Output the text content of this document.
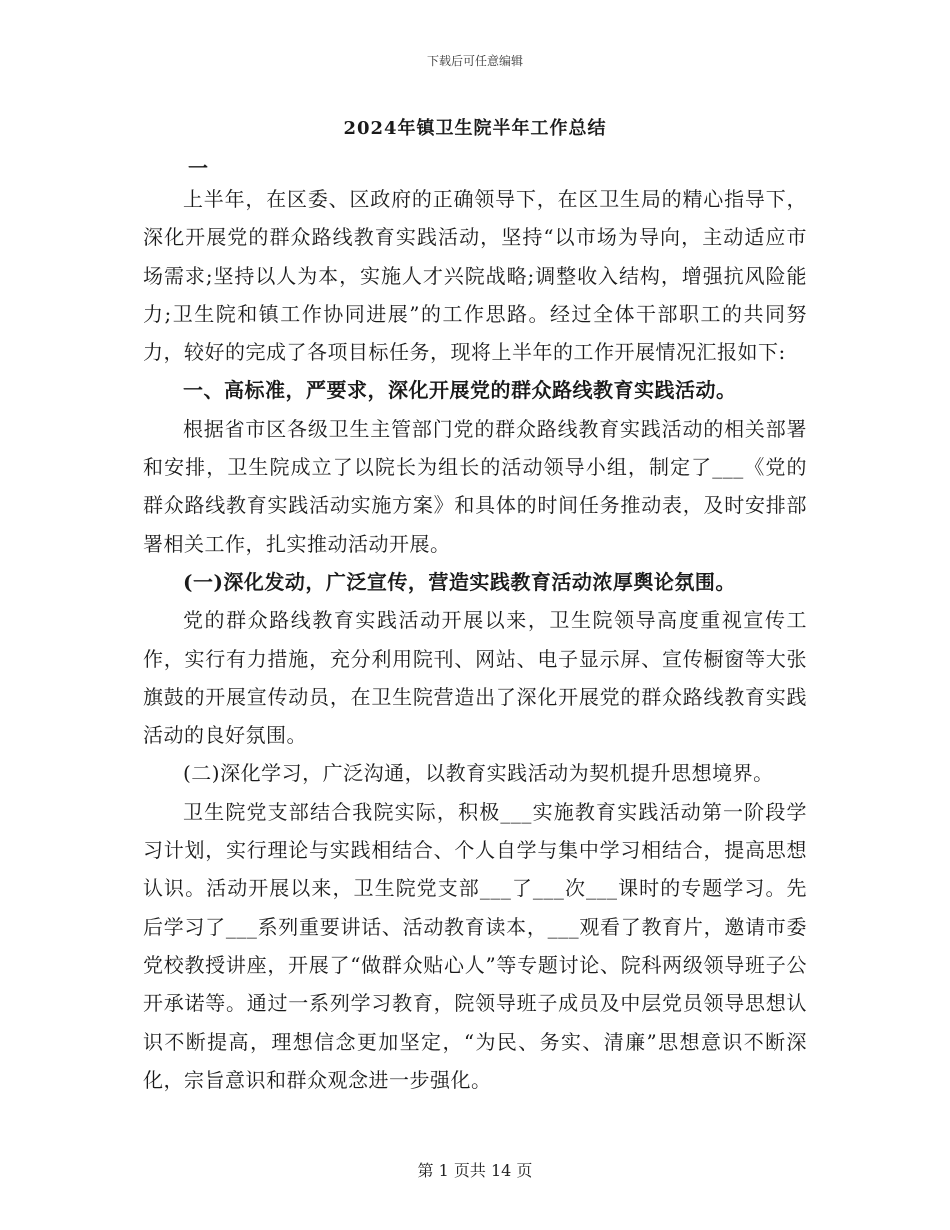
下载后可任意编辑
2024年镇卫生院半年工作总结
一

上半年，在区委、区政府的正确领导下，在区卫生局的精心指导下，深化开展党的群众路线教育实践活动，坚持“以市场为导向，主动适应市场需求;坚持以人为本，实施人才兴院战略;调整收入结构，增强抗风险能力;卫生院和镇工作协同进展”的工作思路。经过全体干部职工的共同努力，较好的完成了各项目标任务，现将上半年的工作开展情况汇报如下:

一、高标准，严要求，深化开展党的群众路线教育实践活动。

根据省市区各级卫生主管部门党的群众路线教育实践活动的相关部署和安排，卫生院成立了以院长为组长的活动领导小组，制定了___《党的群众路线教育实践活动实施方案》和具体的时间任务推动表，及时安排部署相关工作，扎实推动活动开展。

(一)深化发动，广泛宣传，营造实践教育活动浓厚舆论氛围。

党的群众路线教育实践活动开展以来，卫生院领导高度重视宣传工作，实行有力措施，充分利用院刊、网站、电子显示屏、宣传橱窗等大张旗鼓的开展宣传动员，在卫生院营造出了深化开展党的群众路线教育实践活动的良好氛围。

(二)深化学习，广泛沟通，以教育实践活动为契机提升思想境界。

卫生院党支部结合我院实际，积极___实施教育实践活动第一阶段学习计划，实行理论与实践相结合、个人自学与集中学习相结合，提高思想认识。活动开展以来，卫生院党支部___了___次___课时的专题学习。先后学习了___系列重要讲话、活动教育读本，___观看了教育片，邀请市委党校教授讲座，开展了“做群众贴心人”等专题讨论、院科两级领导班子公开承诺等。通过一系列学习教育，院领导班子成员及中层党员领导思想认识不断提高，理想信念更加坚定，“为民、务实、清廉”思想意识不断深化，宗旨意识和群众观念进一步强化。

第 1 页共 14 页
